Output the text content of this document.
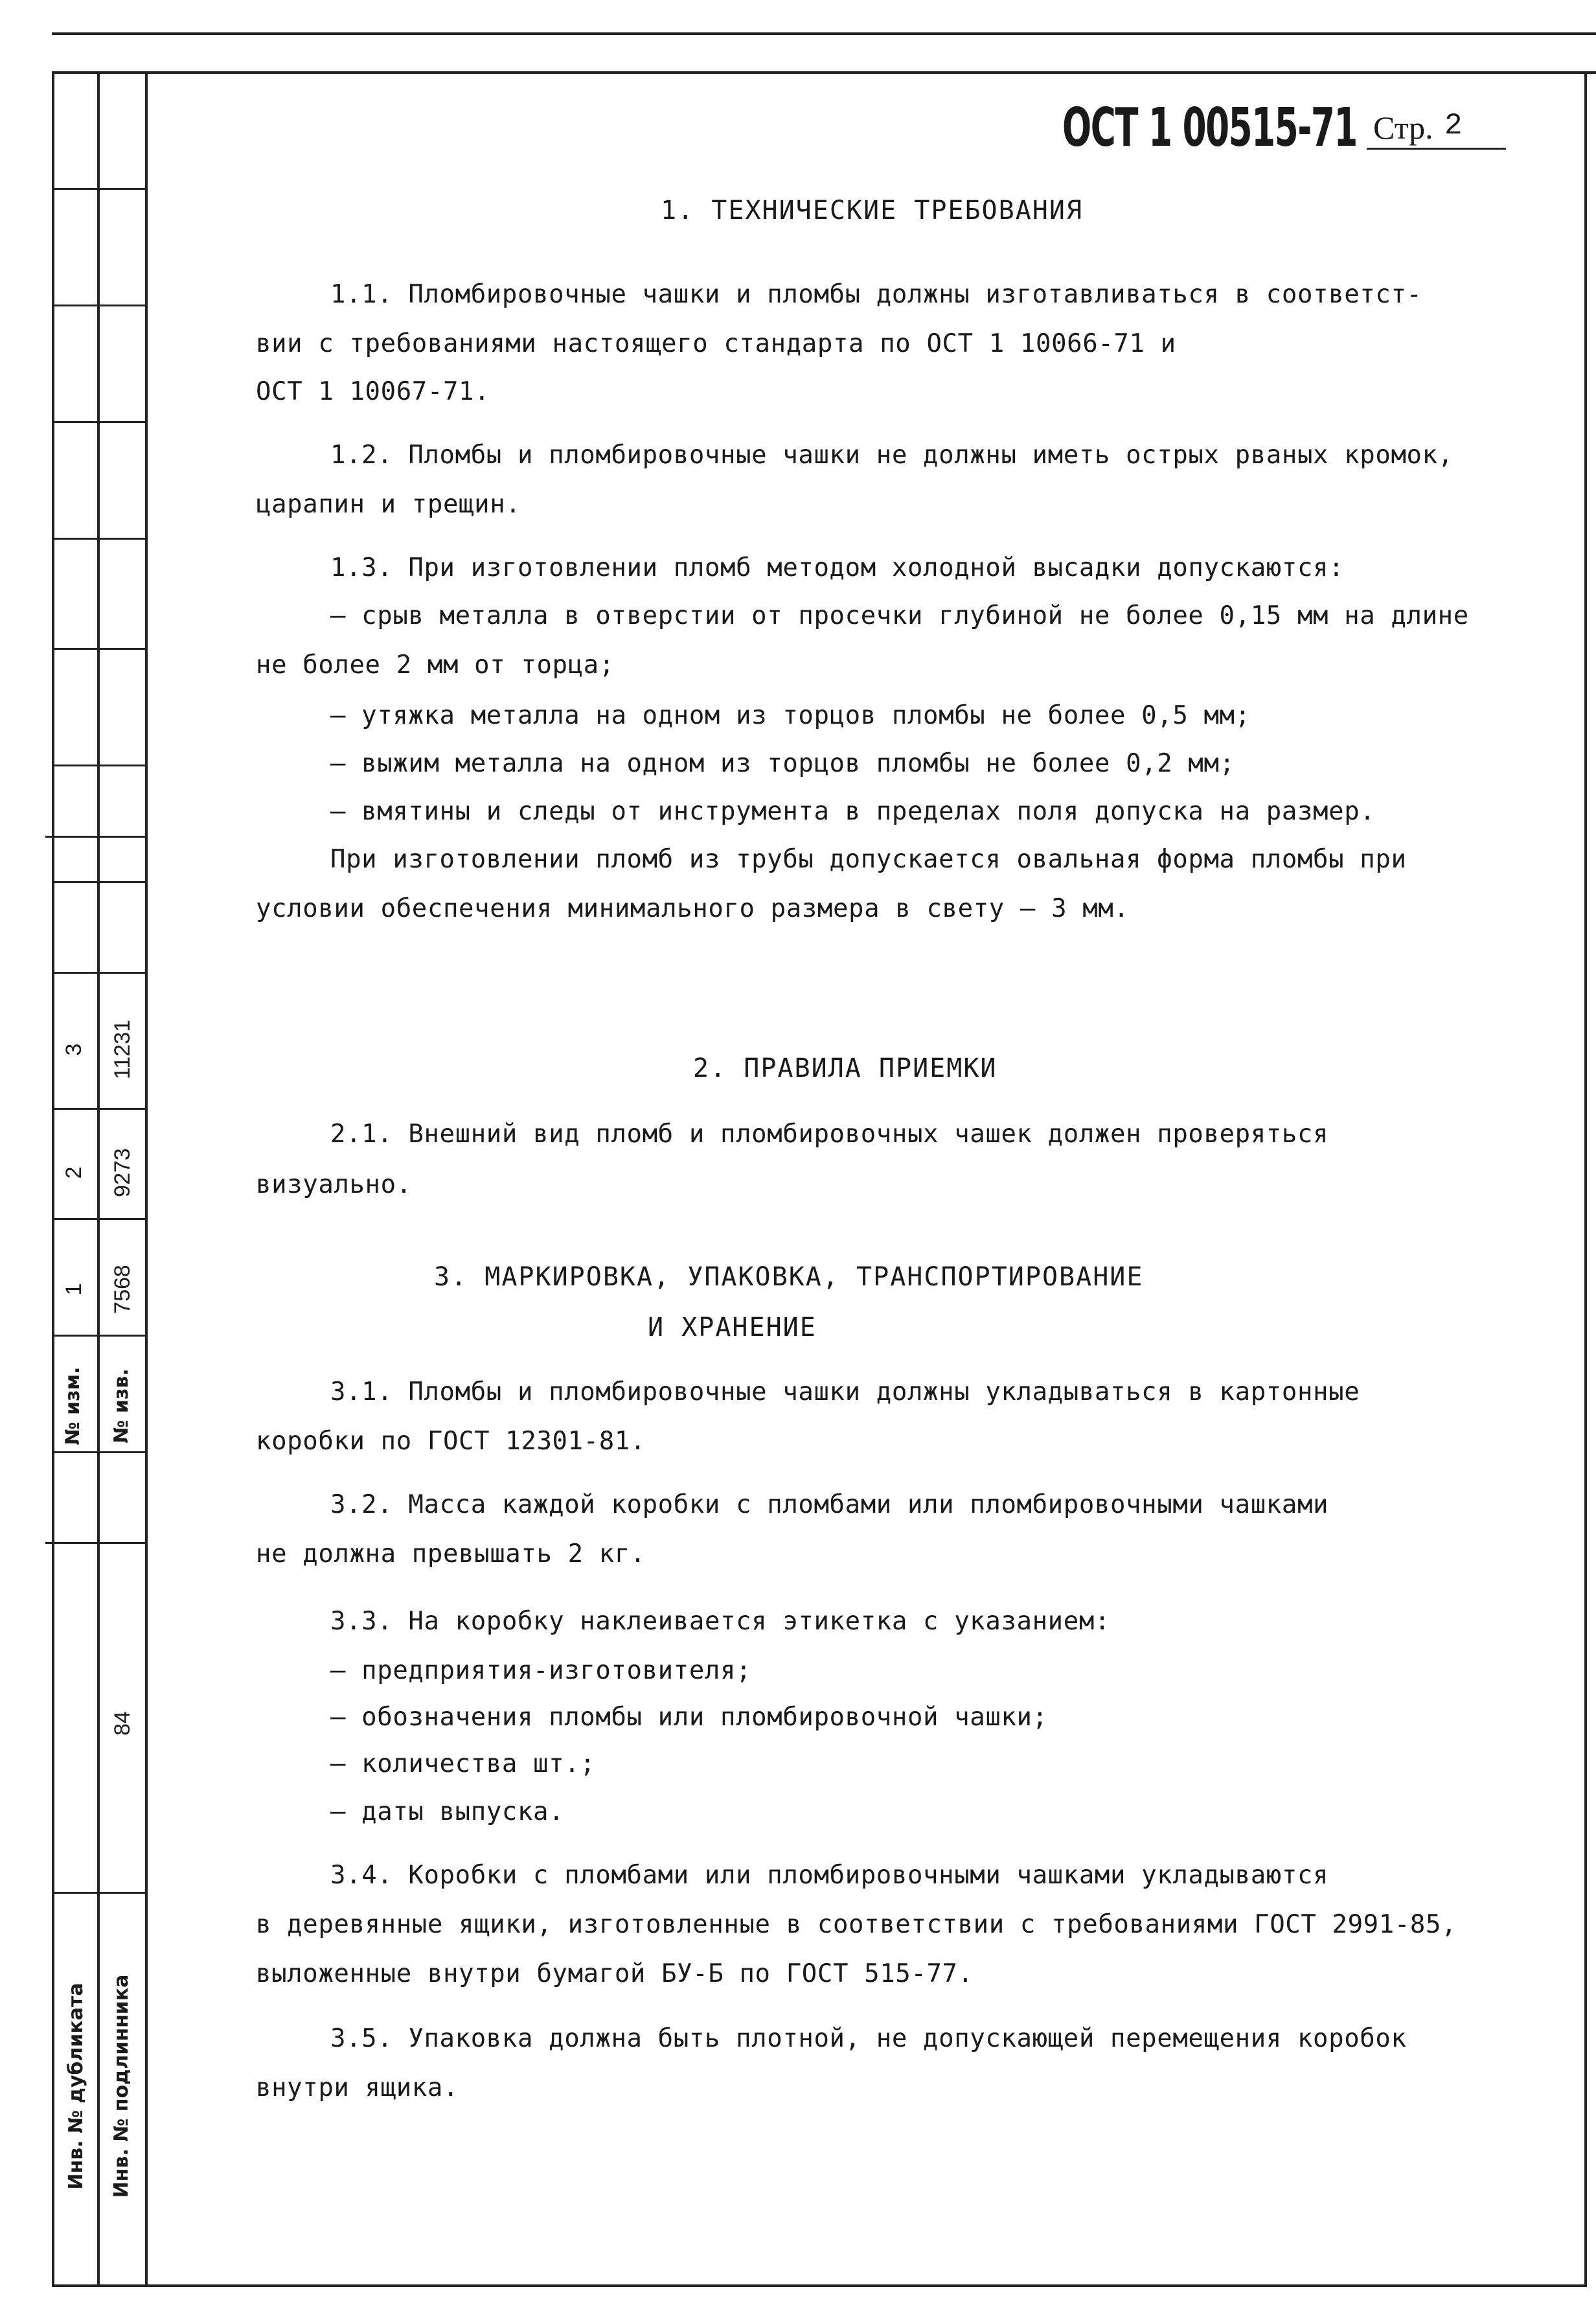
3 11231
2 9273
1 7568
№ изм. № изв.
84
Инв. № дубликата Инв. № подлинника
ОСТ 1 00515-71 Стр. 2
1. ТЕХНИЧЕСКИЕ ТРЕБОВАНИЯ
1.1. Пломбировочные чашки и пломбы должны изготавливаться в соответст-
вии с требованиями настоящего стандарта по ОСТ 1 10066-71 и
ОСТ 1 10067-71.
1.2. Пломбы и пломбировочные чашки не должны иметь острых рваных кромок,
царапин и трещин.
1.3. При изготовлении пломб методом холодной высадки допускаются:
– срыв металла в отверстии от просечки глубиной не более 0,15 мм на длине
не более 2 мм от торца;
– утяжка металла на одном из торцов пломбы не более 0,5 мм;
– выжим металла на одном из торцов пломбы не более 0,2 мм;
– вмятины и следы от инструмента в пределах поля допуска на размер.
При изготовлении пломб из трубы допускается овальная форма пломбы при
условии обеспечения минимального размера в свету – 3 мм.
2. ПРАВИЛА ПРИЕМКИ
2.1. Внешний вид пломб и пломбировочных чашек должен проверяться
визуально.
3. МАРКИРОВКА, УПАКОВКА, ТРАНСПОРТИРОВАНИЕ
И ХРАНЕНИЕ
3.1. Пломбы и пломбировочные чашки должны укладываться в картонные
коробки по ГОСТ 12301-81.
3.2. Масса каждой коробки с пломбами или пломбировочными чашками
не должна превышать 2 кг.
3.3. На коробку наклеивается этикетка с указанием:
– предприятия-изготовителя;
– обозначения пломбы или пломбировочной чашки;
– количества шт.;
– даты выпуска.
3.4. Коробки с пломбами или пломбировочными чашками укладываются
в деревянные ящики, изготовленные в соответствии с требованиями ГОСТ 2991-85,
выложенные внутри бумагой БУ-Б по ГОСТ 515-77.
3.5. Упаковка должна быть плотной, не допускающей перемещения коробок
внутри ящика.
